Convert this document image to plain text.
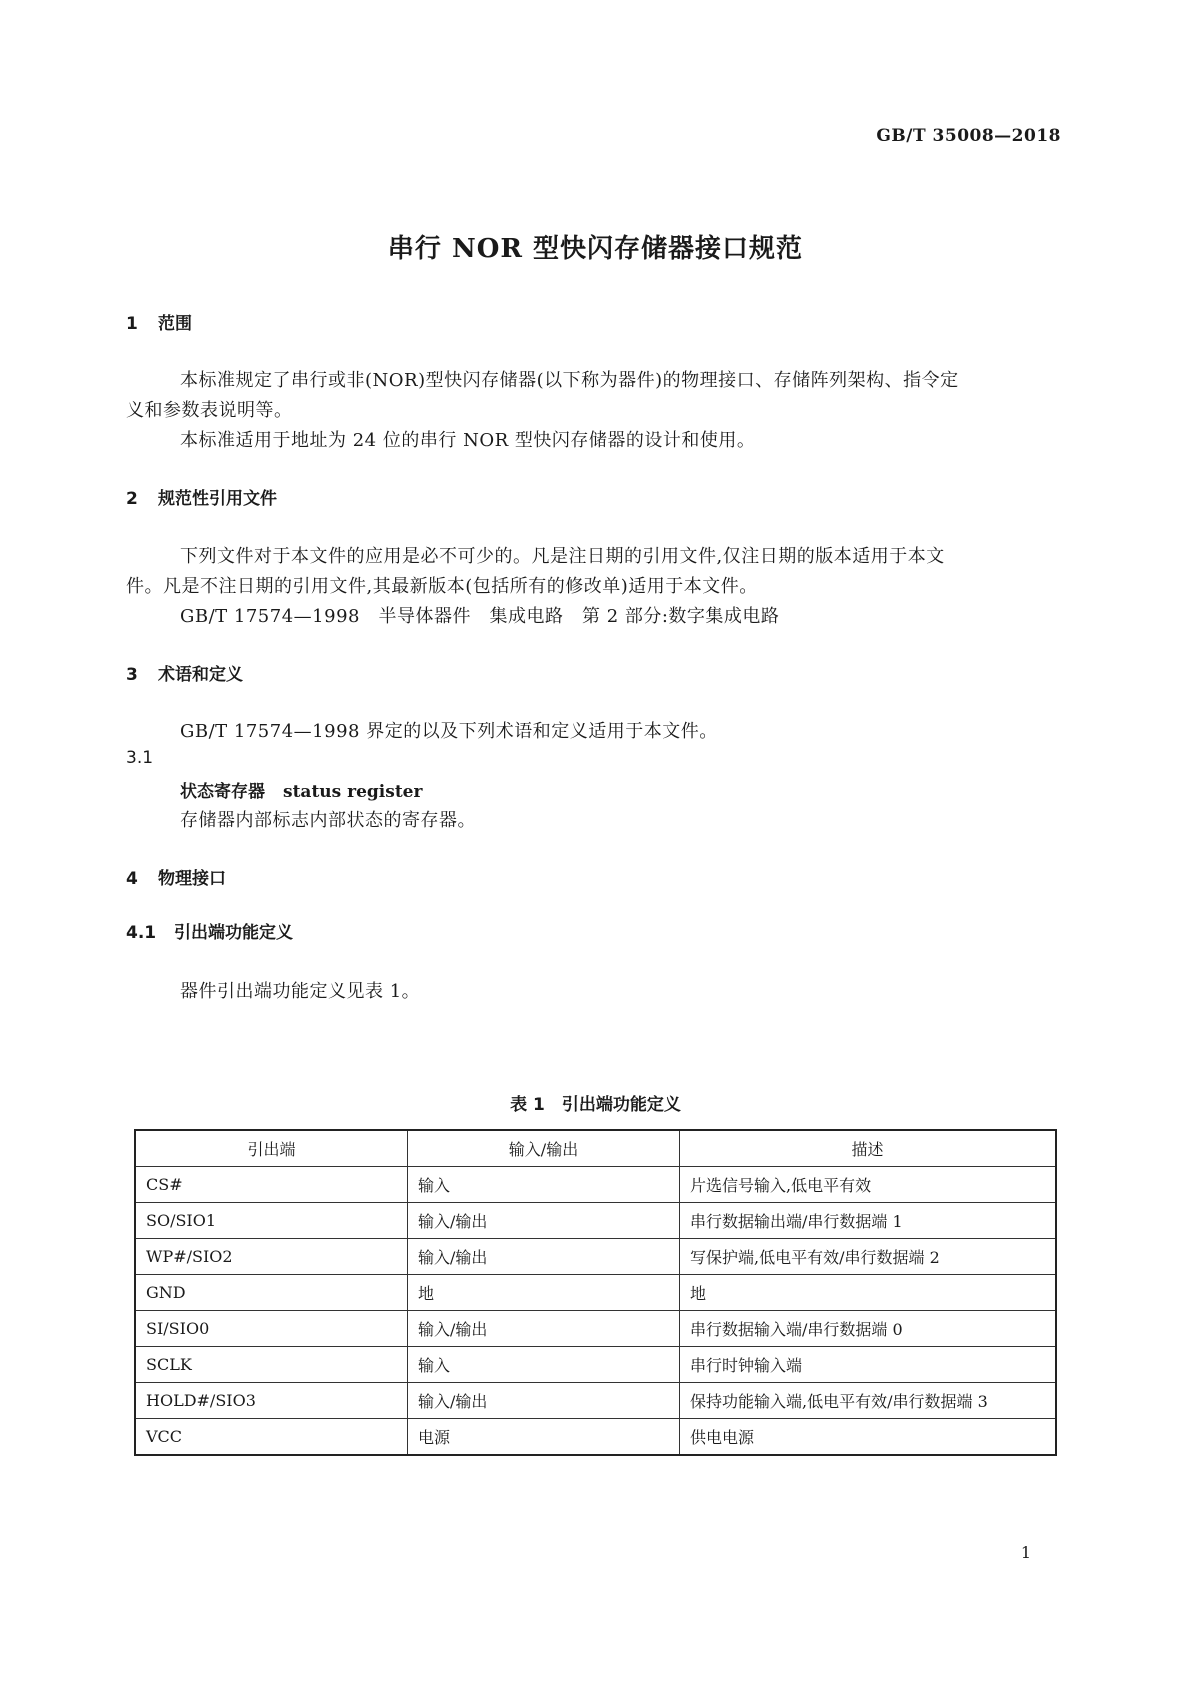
GB/T 35008—2018
串行 NOR 型快闪存储器接口规范
1 范围
本标准规定了串行或非(NOR)型快闪存储器(以下称为器件)的物理接口、存储阵列架构、指令定
义和参数表说明等。
本标准适用于地址为 24 位的串行 NOR 型快闪存储器的设计和使用。
2 规范性引用文件
下列文件对于本文件的应用是必不可少的。凡是注日期的引用文件,仅注日期的版本适用于本文
件。凡是不注日期的引用文件,其最新版本(包括所有的修改单)适用于本文件。
GB/T 17574—1998　半导体器件　集成电路　第 2 部分:数字集成电路
3 术语和定义
GB/T 17574—1998 界定的以及下列术语和定义适用于本文件。
3.1
状态寄存器 status register
存储器内部标志内部状态的寄存器。
4 物理接口
4.1 引出端功能定义
器件引出端功能定义见表 1。
表 1　引出端功能定义
引出端	输入/输出	描述
CS#	输入	片选信号输入,低电平有效
SO/SIO1	输入/输出	串行数据输出端/串行数据端 1
WP#/SIO2	输入/输出	写保护端,低电平有效/串行数据端 2
GND	地	地
SI/SIO0	输入/输出	串行数据输入端/串行数据端 0
SCLK	输入	串行时钟输入端
HOLD#/SIO3	输入/输出	保持功能输入端,低电平有效/串行数据端 3
VCC	电源	供电电源
1
